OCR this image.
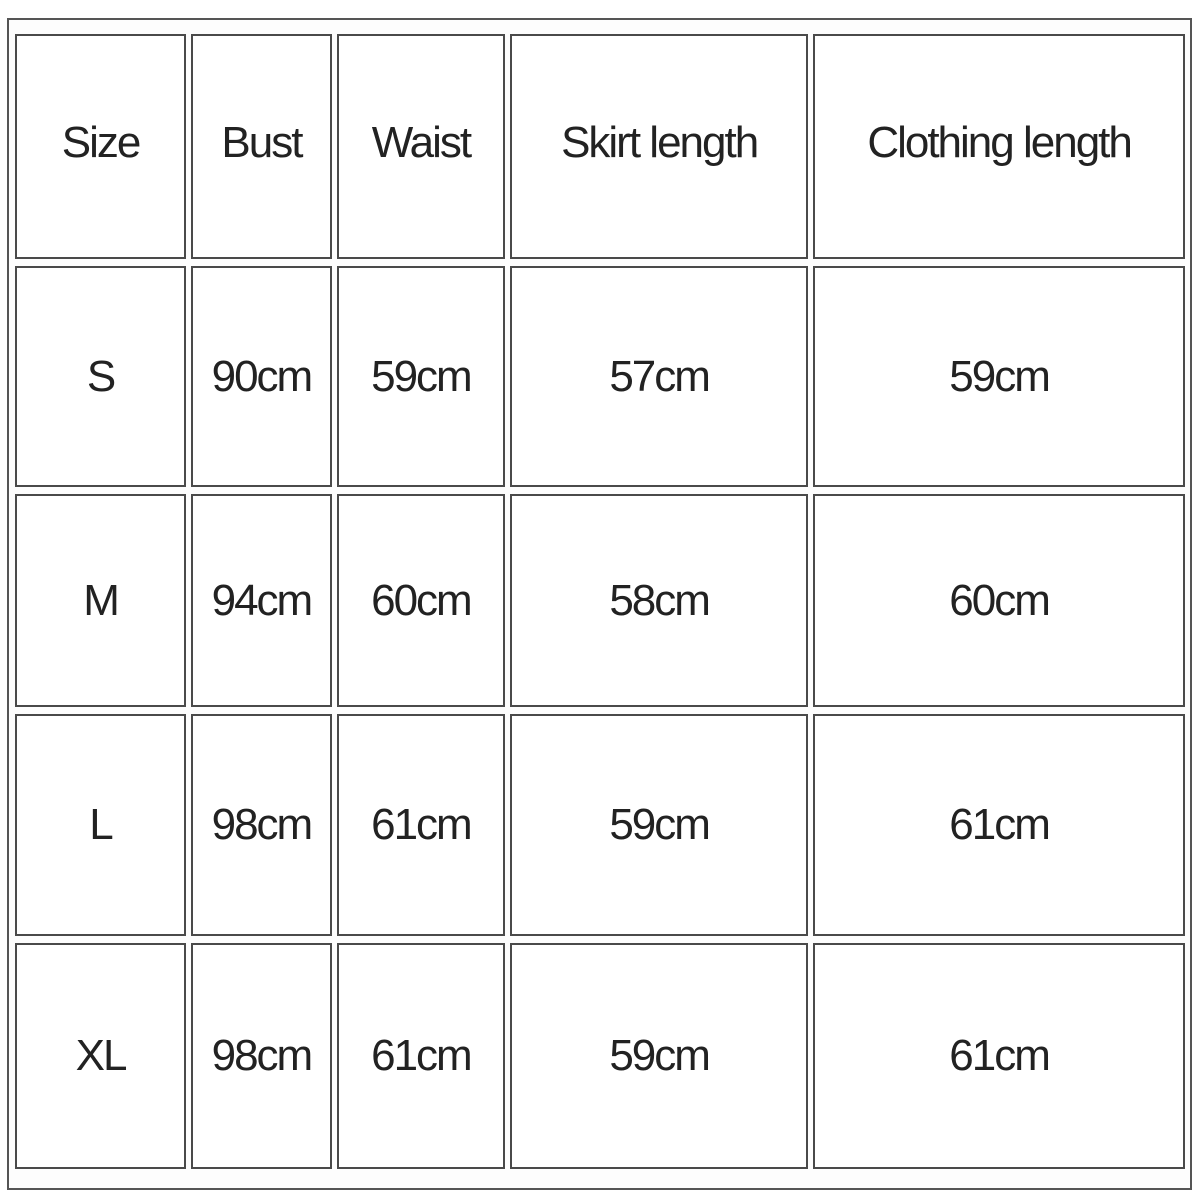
Size	Bust	Waist	Skirt length	Clothing length
S	90cm	59cm	57cm	59cm
M	94cm	60cm	58cm	60cm
L	98cm	61cm	59cm	61cm
XL	98cm	61cm	59cm	61cm
